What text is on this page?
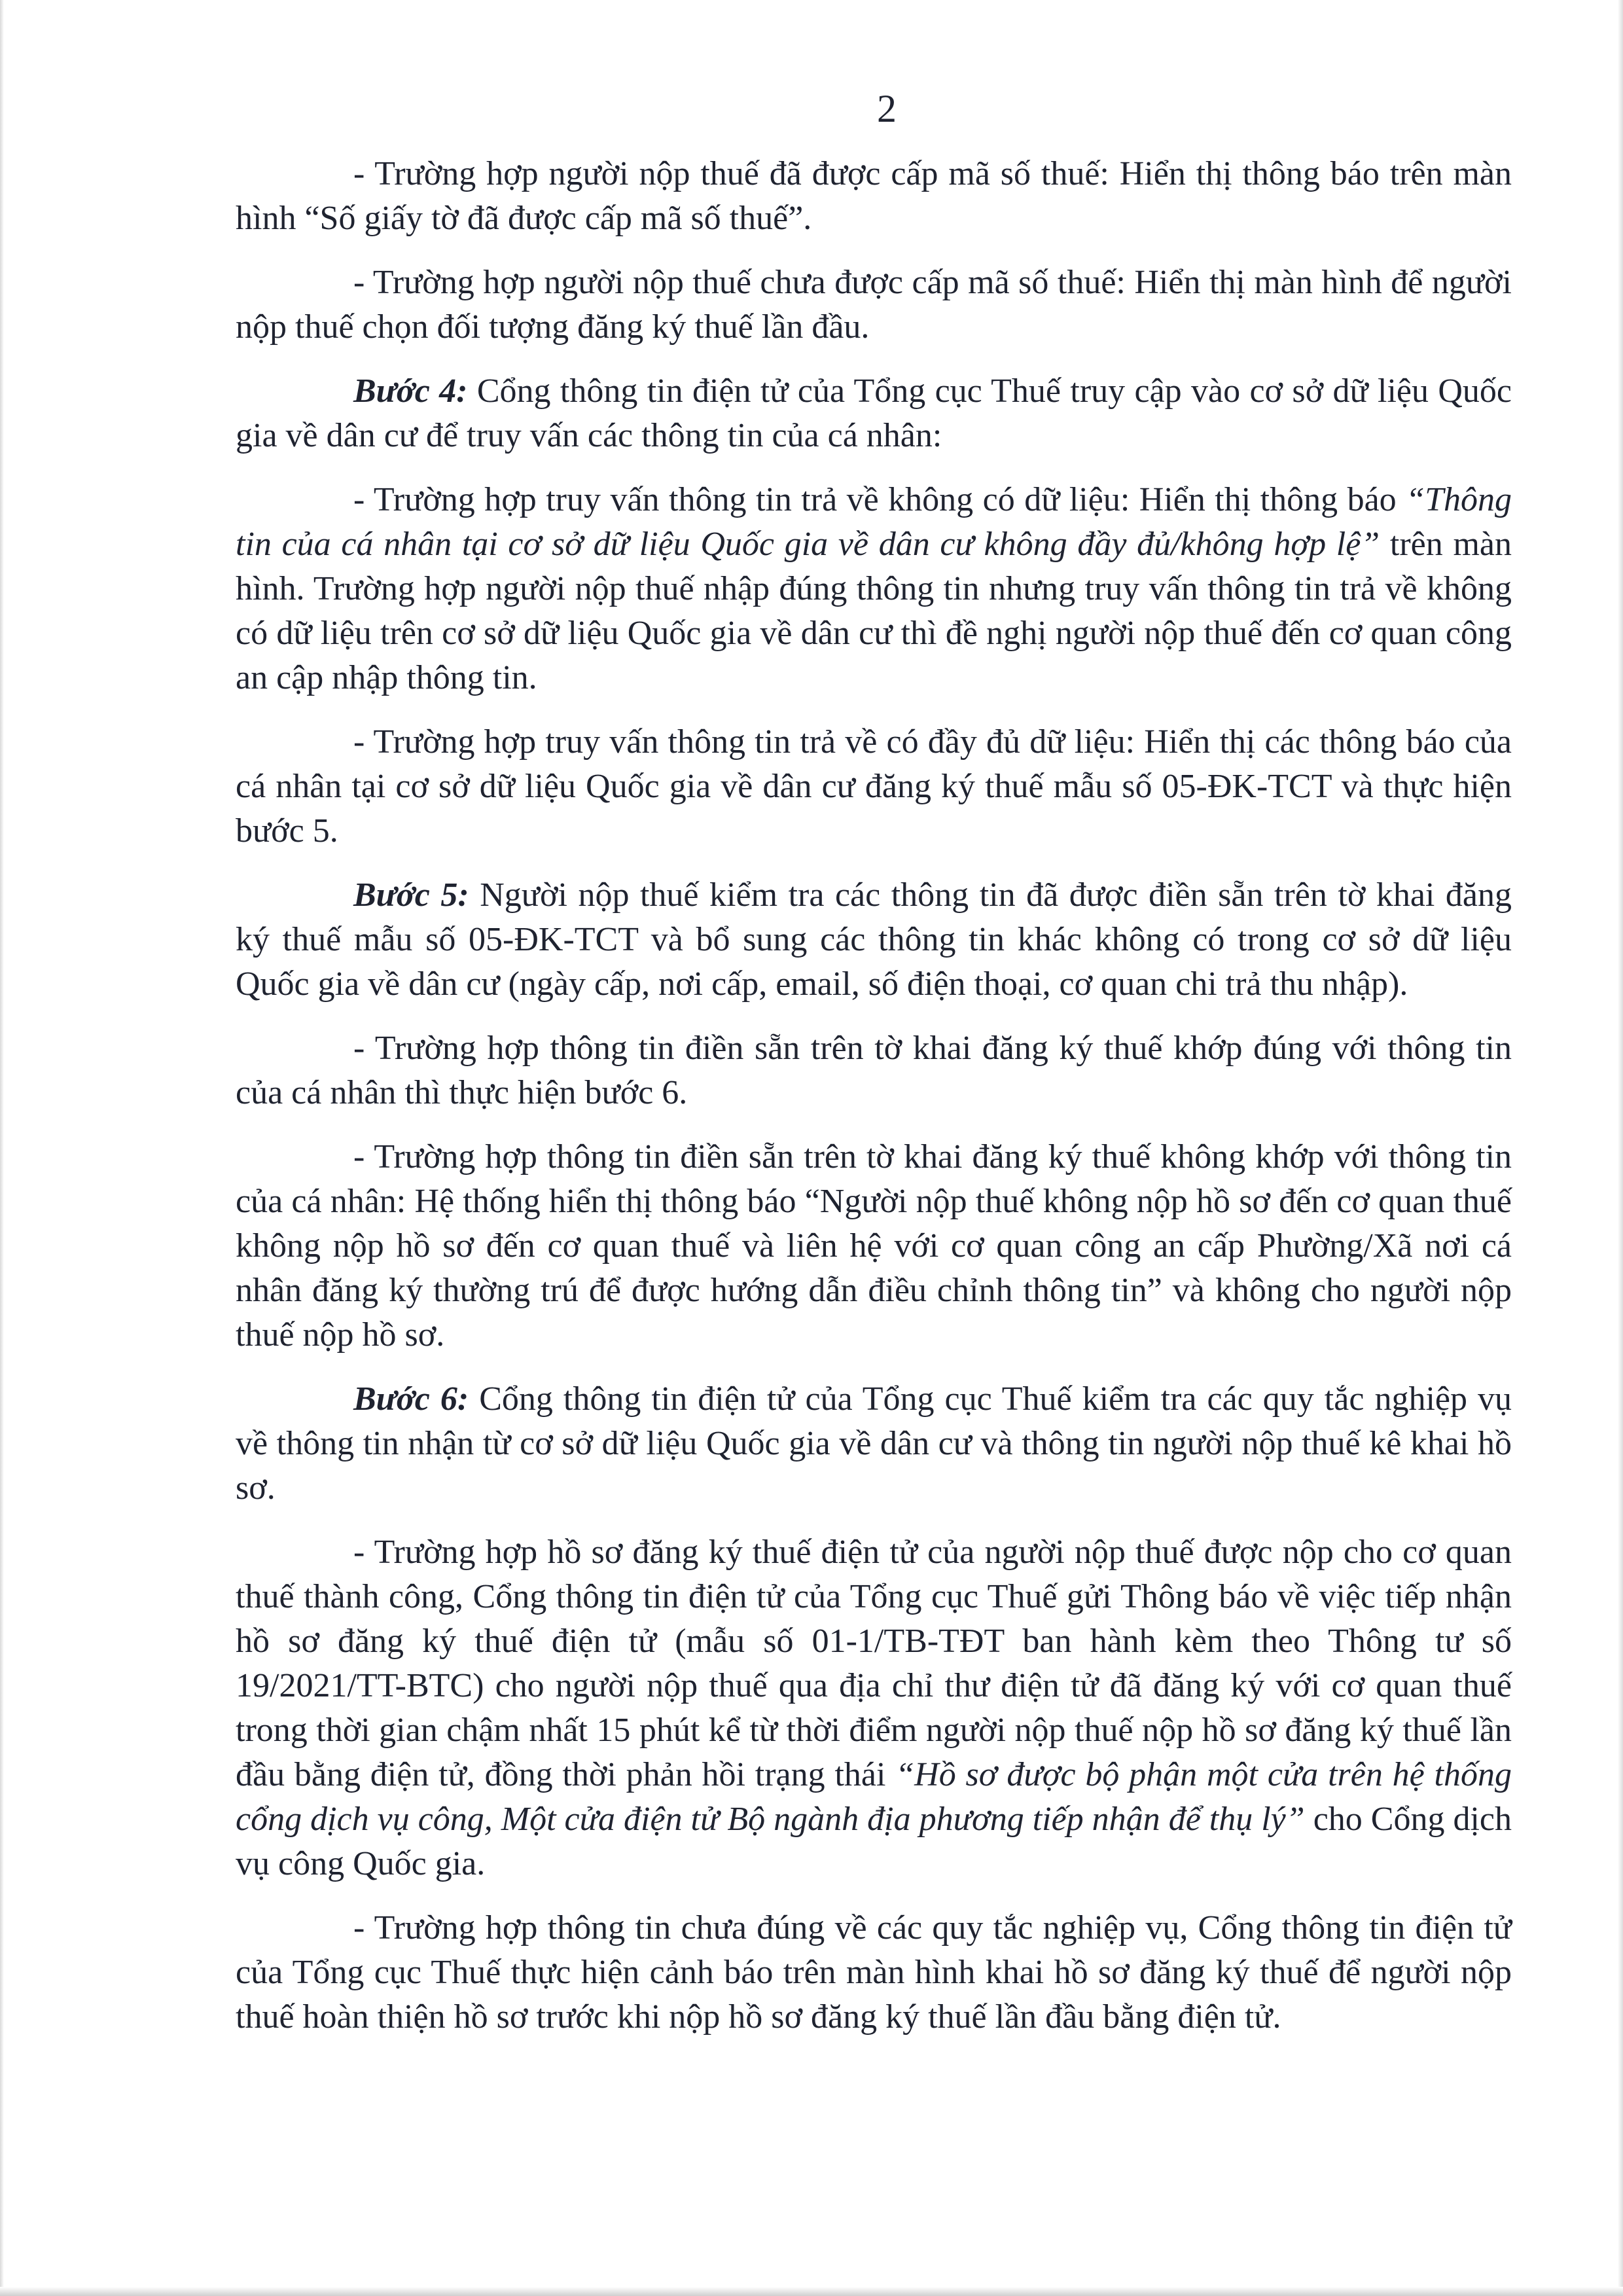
2

- Trường hợp người nộp thuế đã được cấp mã số thuế: Hiển thị thông báo trên màn hình “Số giấy tờ đã được cấp mã số thuế”.

- Trường hợp người nộp thuế chưa được cấp mã số thuế: Hiển thị màn hình để người nộp thuế chọn đối tượng đăng ký thuế lần đầu.

Bước 4: Cổng thông tin điện tử của Tổng cục Thuế truy cập vào cơ sở dữ liệu Quốc gia về dân cư để truy vấn các thông tin của cá nhân:

- Trường hợp truy vấn thông tin trả về không có dữ liệu: Hiển thị thông báo “Thông tin của cá nhân tại cơ sở dữ liệu Quốc gia về dân cư không đầy đủ/không hợp lệ” trên màn hình. Trường hợp người nộp thuế nhập đúng thông tin nhưng truy vấn thông tin trả về không có dữ liệu trên cơ sở dữ liệu Quốc gia về dân cư thì đề nghị người nộp thuế đến cơ quan công an cập nhập thông tin.

- Trường hợp truy vấn thông tin trả về có đầy đủ dữ liệu: Hiển thị các thông báo của cá nhân tại cơ sở dữ liệu Quốc gia về dân cư đăng ký thuế mẫu số 05-ĐK-TCT và thực hiện bước 5.

Bước 5: Người nộp thuế kiểm tra các thông tin đã được điền sẵn trên tờ khai đăng ký thuế mẫu số 05-ĐK-TCT và bổ sung các thông tin khác không có trong cơ sở dữ liệu Quốc gia về dân cư (ngày cấp, nơi cấp, email, số điện thoại, cơ quan chi trả thu nhập).

- Trường hợp thông tin điền sẵn trên tờ khai đăng ký thuế khớp đúng với thông tin của cá nhân thì thực hiện bước 6.

- Trường hợp thông tin điền sẵn trên tờ khai đăng ký thuế không khớp với thông tin của cá nhân: Hệ thống hiển thị thông báo “Người nộp thuế không nộp hồ sơ đến cơ quan thuế không nộp hồ sơ đến cơ quan thuế và liên hệ với cơ quan công an cấp Phường/Xã nơi cá nhân đăng ký thường trú để được hướng dẫn điều chỉnh thông tin” và không cho người nộp thuế nộp hồ sơ.

Bước 6: Cổng thông tin điện tử của Tổng cục Thuế kiểm tra các quy tắc nghiệp vụ về thông tin nhận từ cơ sở dữ liệu Quốc gia về dân cư và thông tin người nộp thuế kê khai hồ sơ.

- Trường hợp hồ sơ đăng ký thuế điện tử của người nộp thuế được nộp cho cơ quan thuế thành công, Cổng thông tin điện tử của Tổng cục Thuế gửi Thông báo về việc tiếp nhận hồ sơ đăng ký thuế điện tử (mẫu số 01-1/TB-TĐT ban hành kèm theo Thông tư số 19/2021/TT-BTC) cho người nộp thuế qua địa chỉ thư điện tử đã đăng ký với cơ quan thuế trong thời gian chậm nhất 15 phút kể từ thời điểm người nộp thuế nộp hồ sơ đăng ký thuế lần đầu bằng điện tử, đồng thời phản hồi trạng thái “Hồ sơ được bộ phận một cửa trên hệ thống cổng dịch vụ công, Một cửa điện tử Bộ ngành địa phương tiếp nhận để thụ lý” cho Cổng dịch vụ công Quốc gia.

- Trường hợp thông tin chưa đúng về các quy tắc nghiệp vụ, Cổng thông tin điện tử của Tổng cục Thuế thực hiện cảnh báo trên màn hình khai hồ sơ đăng ký thuế để người nộp thuế hoàn thiện hồ sơ trước khi nộp hồ sơ đăng ký thuế lần đầu bằng điện tử.
